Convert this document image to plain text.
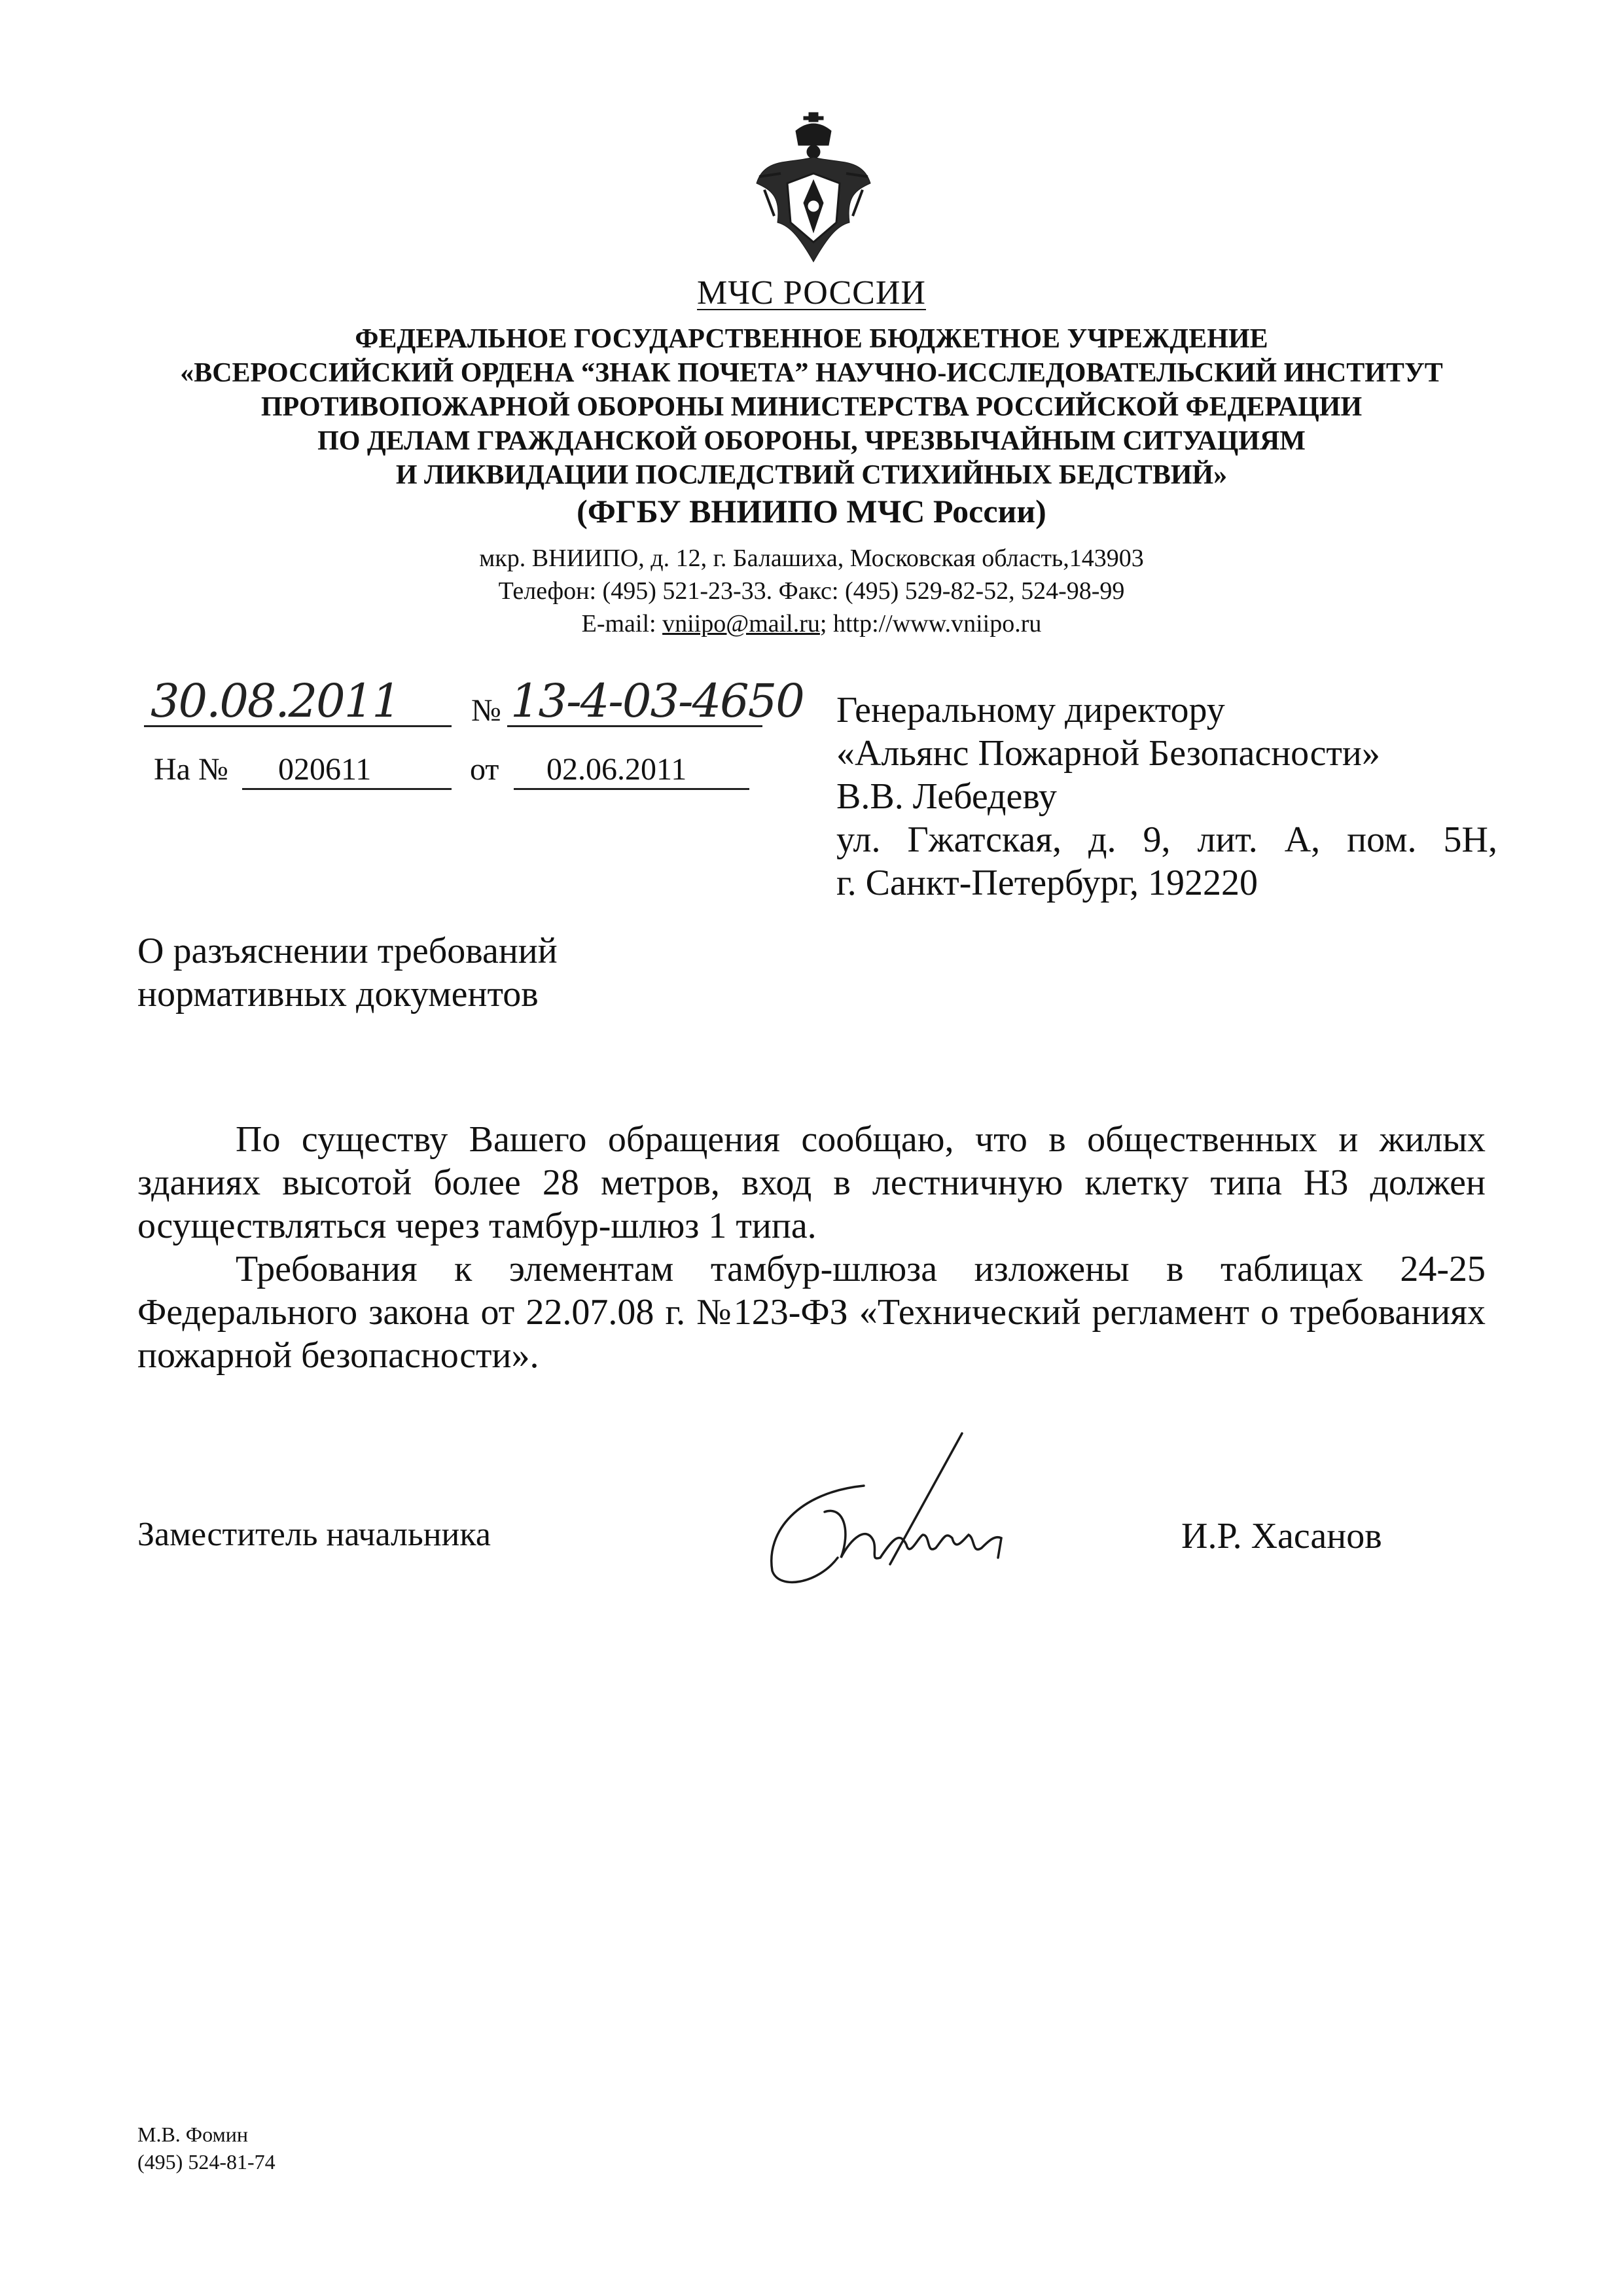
МЧС РОССИИ
ФЕДЕРАЛЬНОЕ ГОСУДАРСТВЕННОЕ БЮДЖЕТНОЕ УЧРЕЖДЕНИЕ
«ВСЕРОССИЙСКИЙ ОРДЕНА “ЗНАК ПОЧЕТА” НАУЧНО-ИССЛЕДОВАТЕЛЬСКИЙ ИНСТИТУТ
ПРОТИВОПОЖАРНОЙ ОБОРОНЫ МИНИСТЕРСТВА РОССИЙСКОЙ ФЕДЕРАЦИИ
ПО ДЕЛАМ ГРАЖДАНСКОЙ ОБОРОНЫ, ЧРЕЗВЫЧАЙНЫМ СИТУАЦИЯМ
И ЛИКВИДАЦИИ ПОСЛЕДСТВИЙ СТИХИЙНЫХ БЕДСТВИЙ»
(ФГБУ ВНИИПО МЧС России)
мкр. ВНИИПО, д. 12, г. Балашиха, Московская область,143903
Телефон: (495) 521-23-33. Факс: (495) 529-82-52, 524-98-99
E-mail: vniipo@mail.ru; http://www.vniipo.ru
30.08.2011 № 13-4-03-4650
На № 020611	от 02.06.2011
Генеральному директору
«Альянс Пожарной Безопасности»
В.В. Лебедеву
ул. Гжатская, д. 9, лит. А, пом. 5Н,
г. Санкт-Петербург, 192220
О разъяснении требований
нормативных документов

По существу Вашего обращения сообщаю, что в общественных и жилых зданиях высотой более 28 метров, вход в лестничную клетку типа Н3 должен осуществляться через тамбур-шлюз 1 типа.

Требования к элементам тамбур-шлюза изложены в таблицах 24-25 Федерального закона от 22.07.08 г. №123-ФЗ «Технический регламент о требованиях пожарной безопасности».

Заместитель начальника	И.Р. Хасанов
М.В. Фомин
(495) 524-81-74
